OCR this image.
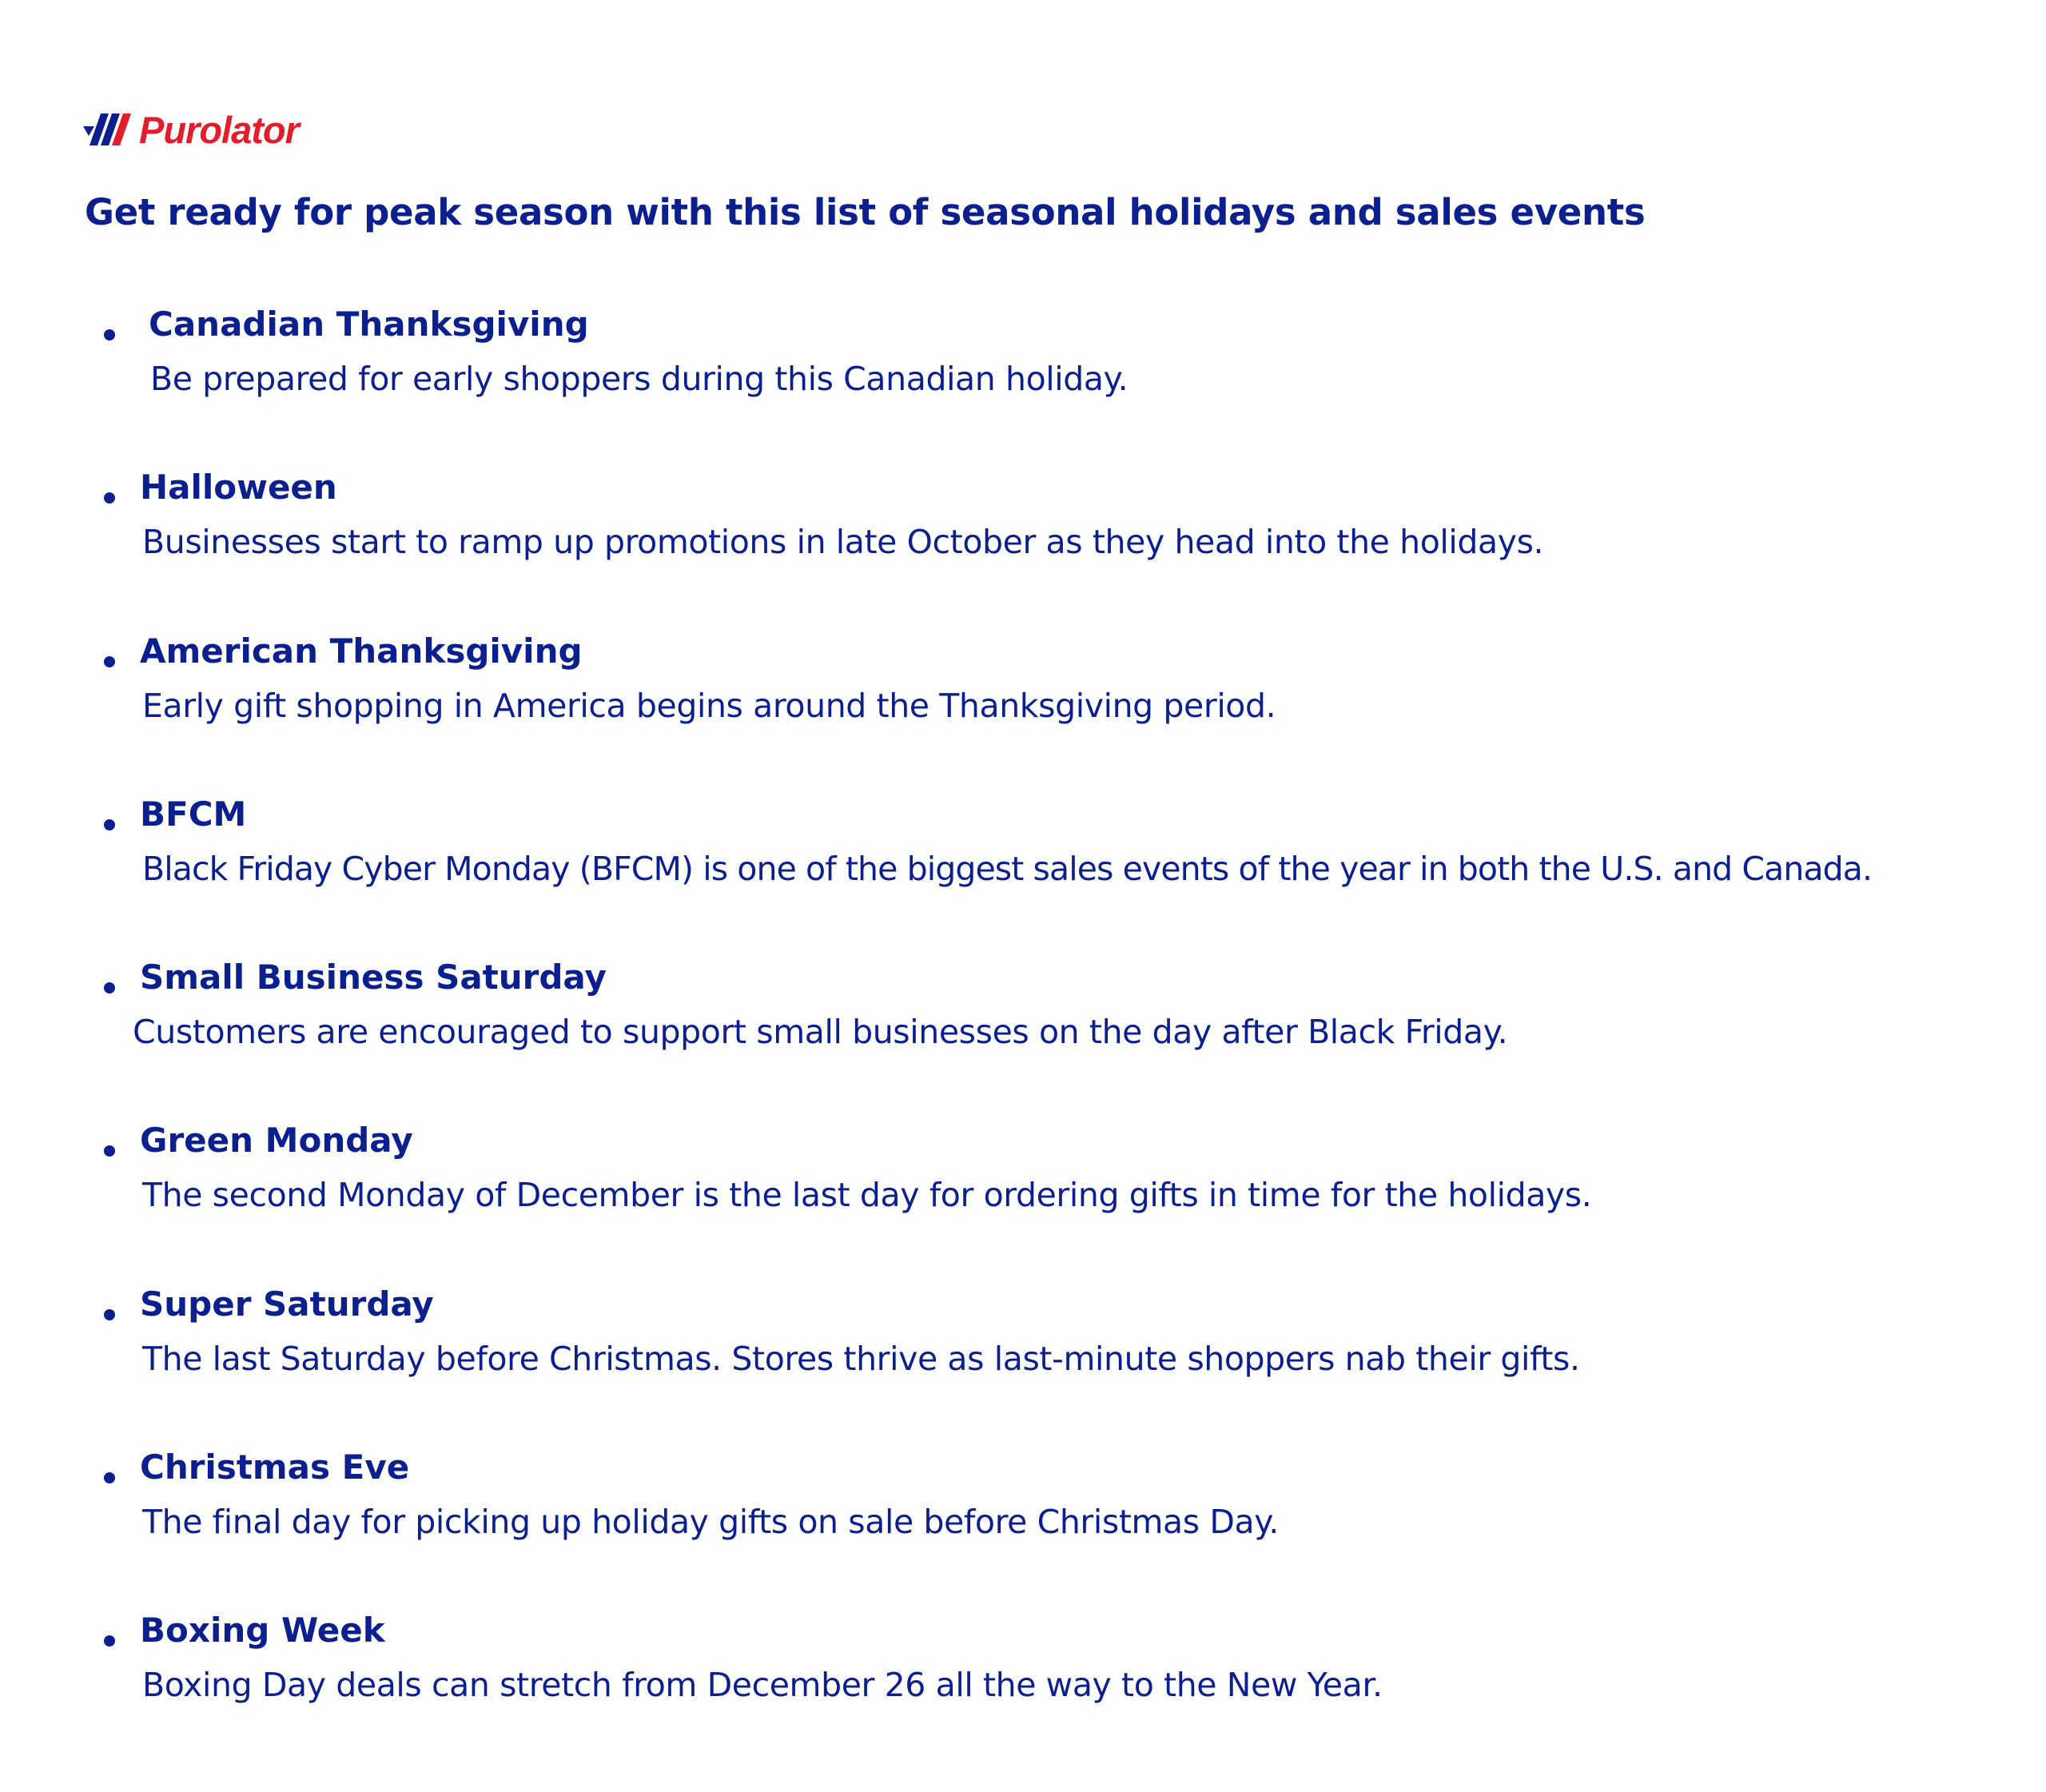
Purolator
Get ready for peak season with this list of seasonal holidays and sales events
Canadian Thanksgiving
Be prepared for early shoppers during this Canadian holiday.
Halloween
Businesses start to ramp up promotions in late October as they head into the holidays.
American Thanksgiving
Early gift shopping in America begins around the Thanksgiving period.
BFCM
Black Friday Cyber Monday (BFCM) is one of the biggest sales events of the year in both the U.S. and Canada.
Small Business Saturday
Customers are encouraged to support small businesses on the day after Black Friday.
Green Monday
The second Monday of December is the last day for ordering gifts in time for the holidays.
Super Saturday
The last Saturday before Christmas. Stores thrive as last-minute shoppers nab their gifts.
Christmas Eve
The final day for picking up holiday gifts on sale before Christmas Day.
Boxing Week
Boxing Day deals can stretch from December 26 all the way to the New Year.
